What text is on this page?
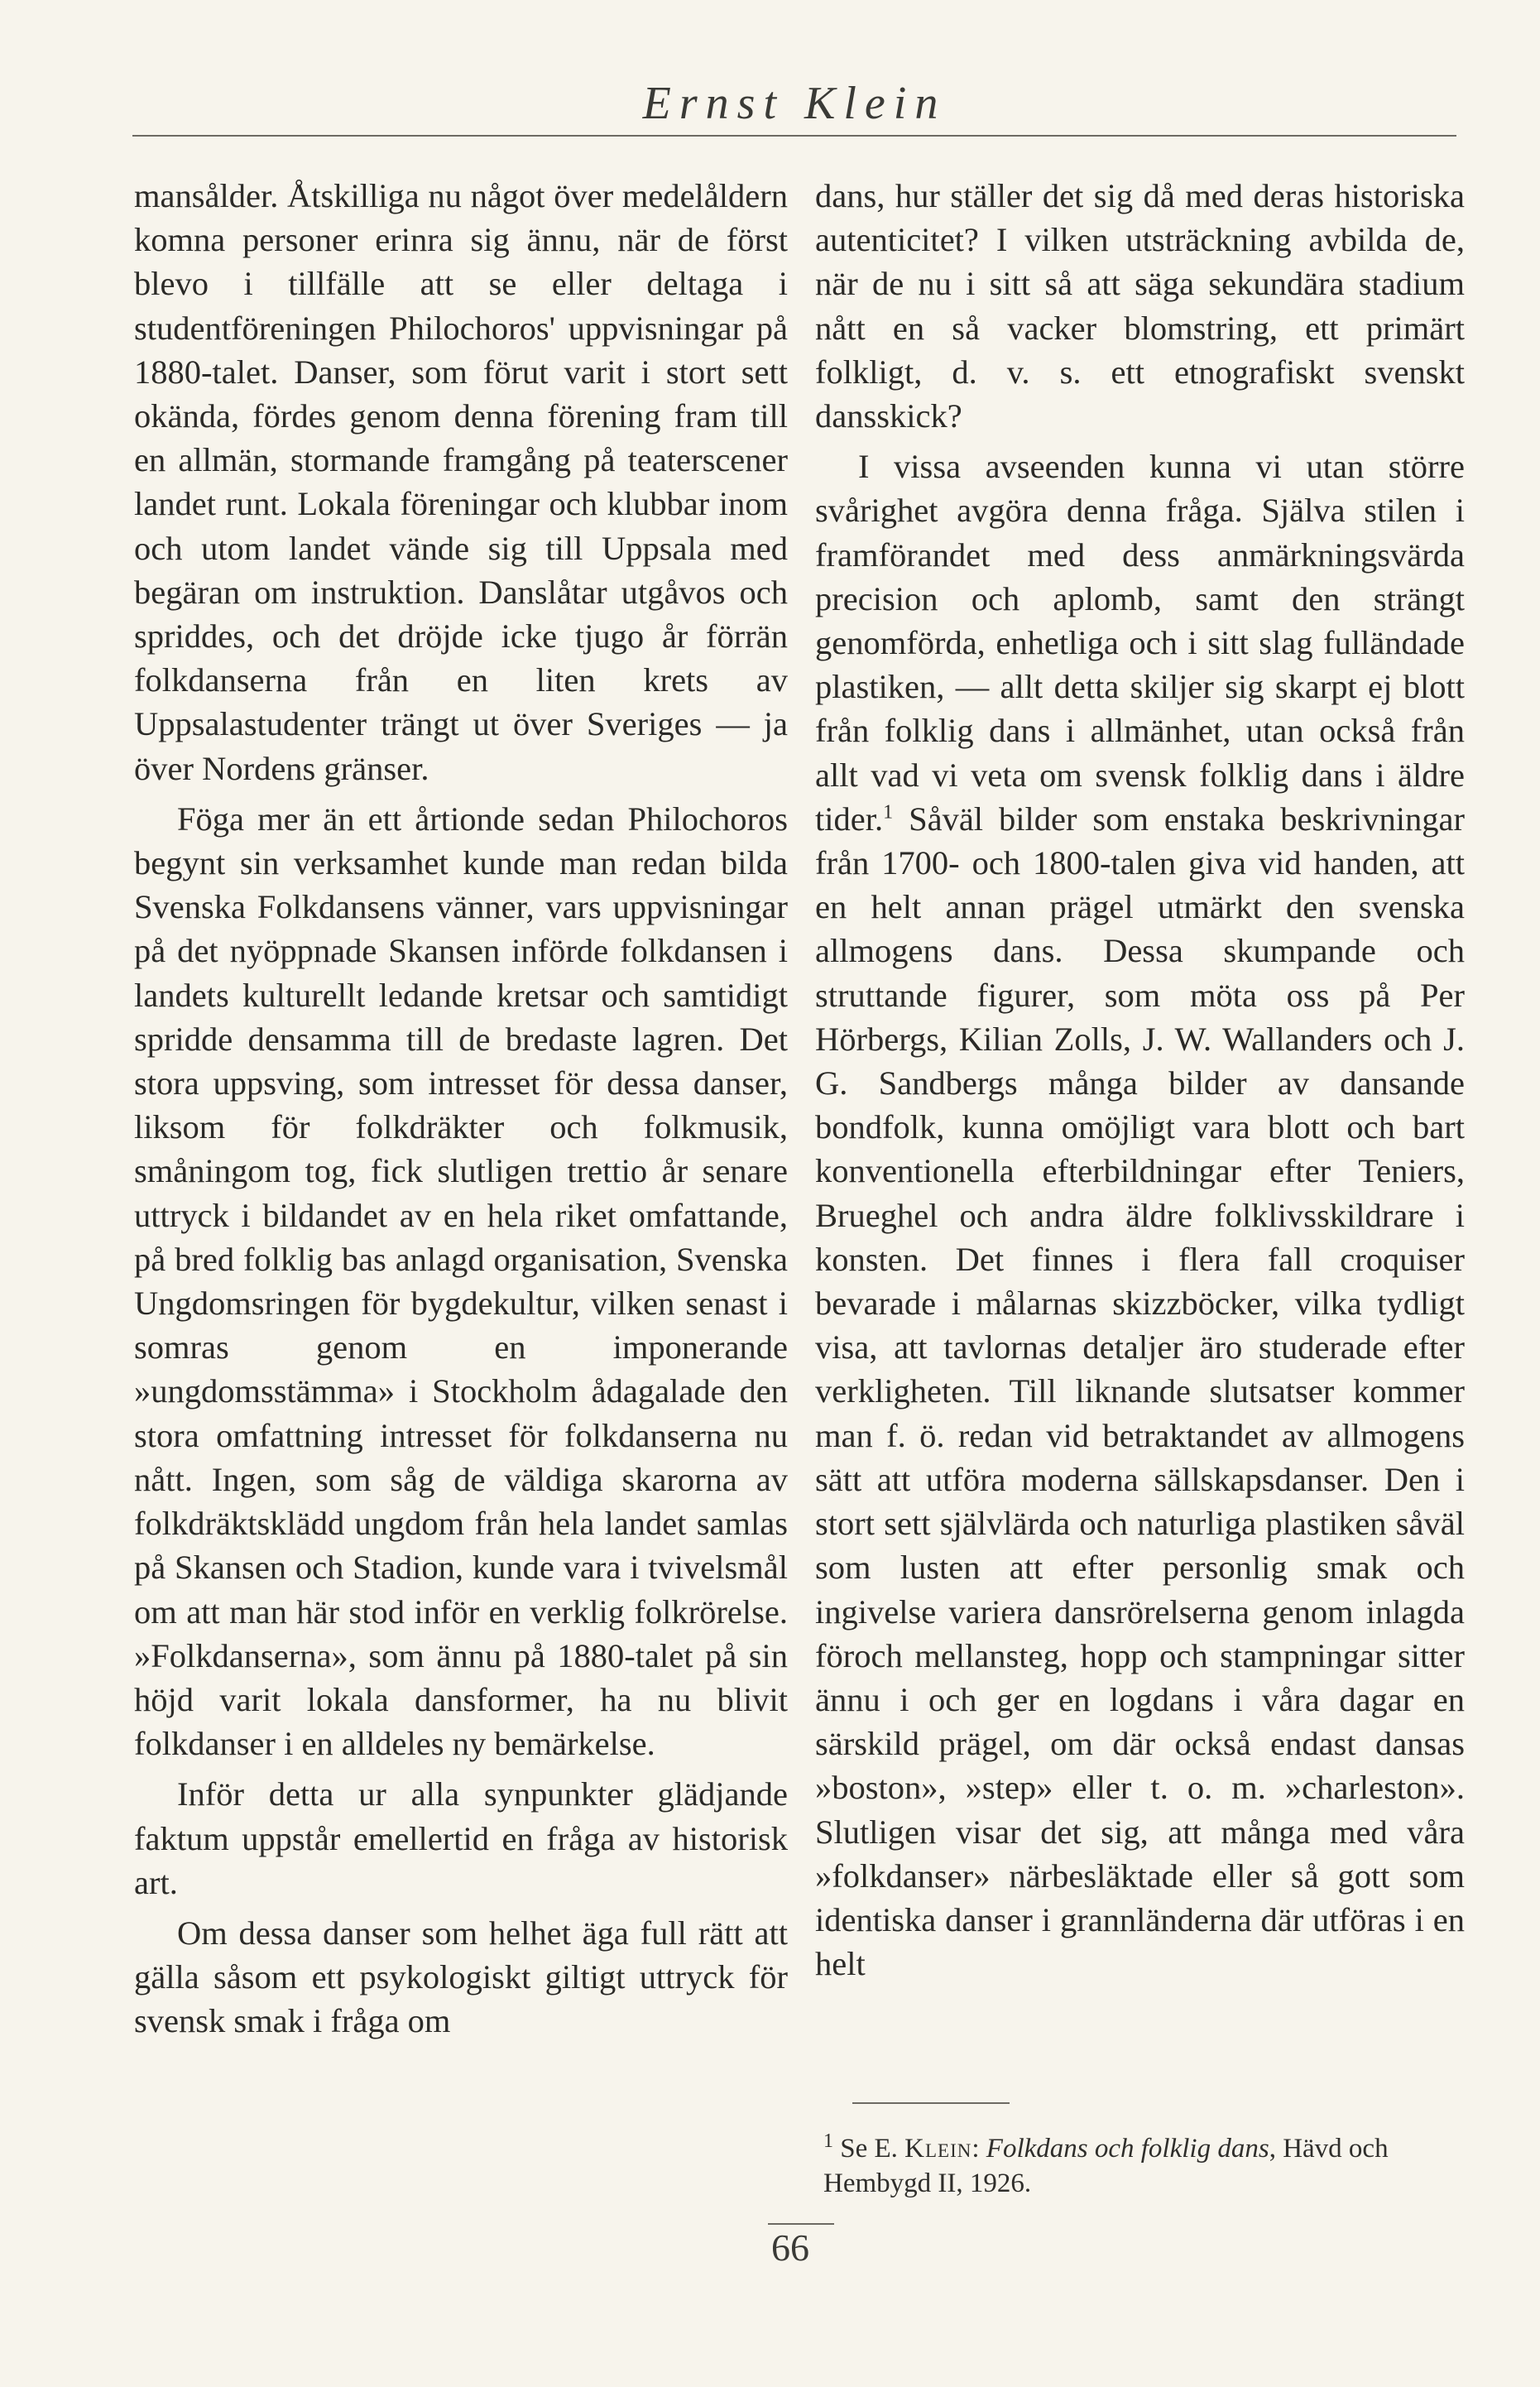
Ernst Klein

mansålder. Åtskilliga nu något över medelåldern komna personer erinra sig ännu, när de först blevo i tillfälle att se eller deltaga i studentföreningen Philochoros' uppvisningar på 1880-talet. Danser, som förut varit i stort sett okända, fördes genom denna förening fram till en allmän, stormande framgång på teaterscener landet runt. Lokala föreningar och klubbar inom och utom landet vände sig till Uppsala med begäran om instruktion. Danslåtar utgåvos och spriddes, och det dröjde icke tjugo år förrän folkdanserna från en liten krets av Uppsalastudenter trängt ut över Sveriges — ja över Nordens gränser.

Föga mer än ett årtionde sedan Philochoros begynt sin verksamhet kunde man redan bilda Svenska Folkdansens vänner, vars uppvisningar på det nyöppnade Skansen införde folkdansen i landets kulturellt ledande kretsar och samtidigt spridde densamma till de bredaste lagren. Det stora uppsving, som intresset för dessa danser, liksom för folkdräkter och folkmusik, småningom tog, fick slutligen trettio år senare uttryck i bildandet av en hela riket omfattande, på bred folklig bas anlagd organisation, Svenska Ungdomsringen för bygdekultur, vilken senast i somras genom en imponerande »ungdomsstämma» i Stockholm ådagalade den stora omfattning intresset för folkdanserna nu nått. Ingen, som såg de väldiga skarorna av folkdräktsklädd ungdom från hela landet samlas på Skansen och Stadion, kunde vara i tvivelsmål om att man här stod inför en verklig folkrörelse. »Folkdanserna», som ännu på 1880-talet på sin höjd varit lokala dansformer, ha nu blivit folkdanser i en alldeles ny bemärkelse.

Inför detta ur alla synpunkter glädjande faktum uppstår emellertid en fråga av historisk art.

Om dessa danser som helhet äga full rätt att gälla såsom ett psykologiskt giltigt uttryck för svensk smak i fråga om

dans, hur ställer det sig då med deras historiska autenticitet? I vilken utsträckning avbilda de, när de nu i sitt så att säga sekundära stadium nått en så vacker blomstring, ett primärt folkligt, d. v. s. ett etnografiskt svenskt dansskick?

I vissa avseenden kunna vi utan större svårighet avgöra denna fråga. Själva stilen i framförandet med dess anmärkningsvärda precision och aplomb, samt den strängt genomförda, enhetliga och i sitt slag fulländade plastiken, — allt detta skiljer sig skarpt ej blott från folklig dans i allmänhet, utan också från allt vad vi veta om svensk folklig dans i äldre tider.$^1$ Såväl bilder som enstaka beskrivningar från 1700- och 1800-talen giva vid handen, att en helt annan prägel utmärkt den svenska allmogens dans. Dessa skumpande och struttande figurer, som möta oss på Per Hörbergs, Kilian Zolls, J. W. Wallanders och J. G. Sandbergs många bilder av dansande bondfolk, kunna omöjligt vara blott och bart konventionella efterbildningar efter Teniers, Brueghel och andra äldre folklivsskildrare i konsten. Det finnes i flera fall croquiser bevarade i målarnas skizzböcker, vilka tydligt visa, att tavlornas detaljer äro studerade efter verkligheten. Till liknande slutsatser kommer man f. ö. redan vid betraktandet av allmogens sätt att utföra moderna sällskapsdanser. Den i stort sett självlärda och naturliga plastiken såväl som lusten att efter personlig smak och ingivelse variera dansrörelserna genom inlagda föroch mellansteg, hopp och stampningar sitter ännu i och ger en logdans i våra dagar en särskild prägel, om där också endast dansas »boston», »step» eller t. o. m. »charleston». Slutligen visar det sig, att många med våra »folkdanser» närbesläktade eller så gott som identiska danser i grannländerna där utföras i en helt

$^1$ Se E. Klein: Folkdans och folklig dans, Hävd och Hembygd II, 1926.
66
